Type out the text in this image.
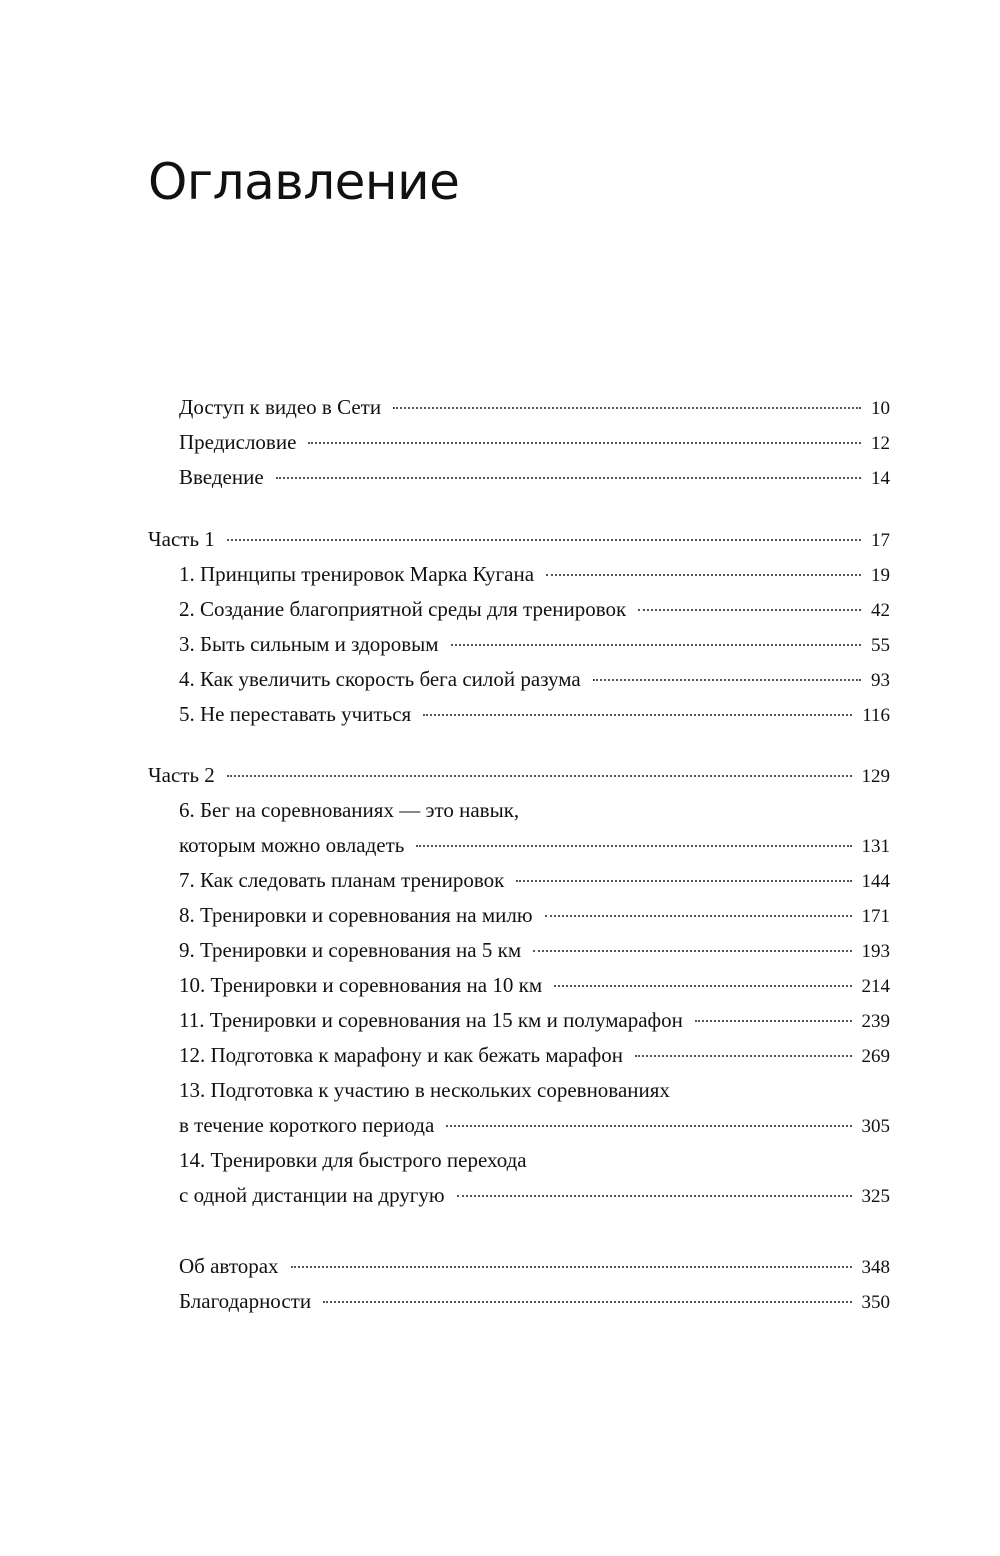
Оглавление
Доступ к видео в Сети	10
Предисловие	12
Введение	14
Часть 1	17
1. Принципы тренировок Марка Кугана	19
2. Создание благоприятной среды для тренировок	42
3. Быть сильным и здоровым	55
4. Как увеличить скорость бега силой разума	93
5. Не переставать учиться	116
Часть 2	129
6. Бег на соревнованиях — это навык,
которым можно овладеть	131
7. Как следовать планам тренировок	144
8. Тренировки и соревнования на милю	171
9. Тренировки и соревнования на 5 км	193
10. Тренировки и соревнования на 10 км	214
11. Тренировки и соревнования на 15 км и полумарафон	239
12. Подготовка к марафону и как бежать марафон	269
13. Подготовка к участию в нескольких соревнованиях
в течение короткого периода	305
14. Тренировки для быстрого перехода
с одной дистанции на другую	325
Об авторах	348
Благодарности	350
